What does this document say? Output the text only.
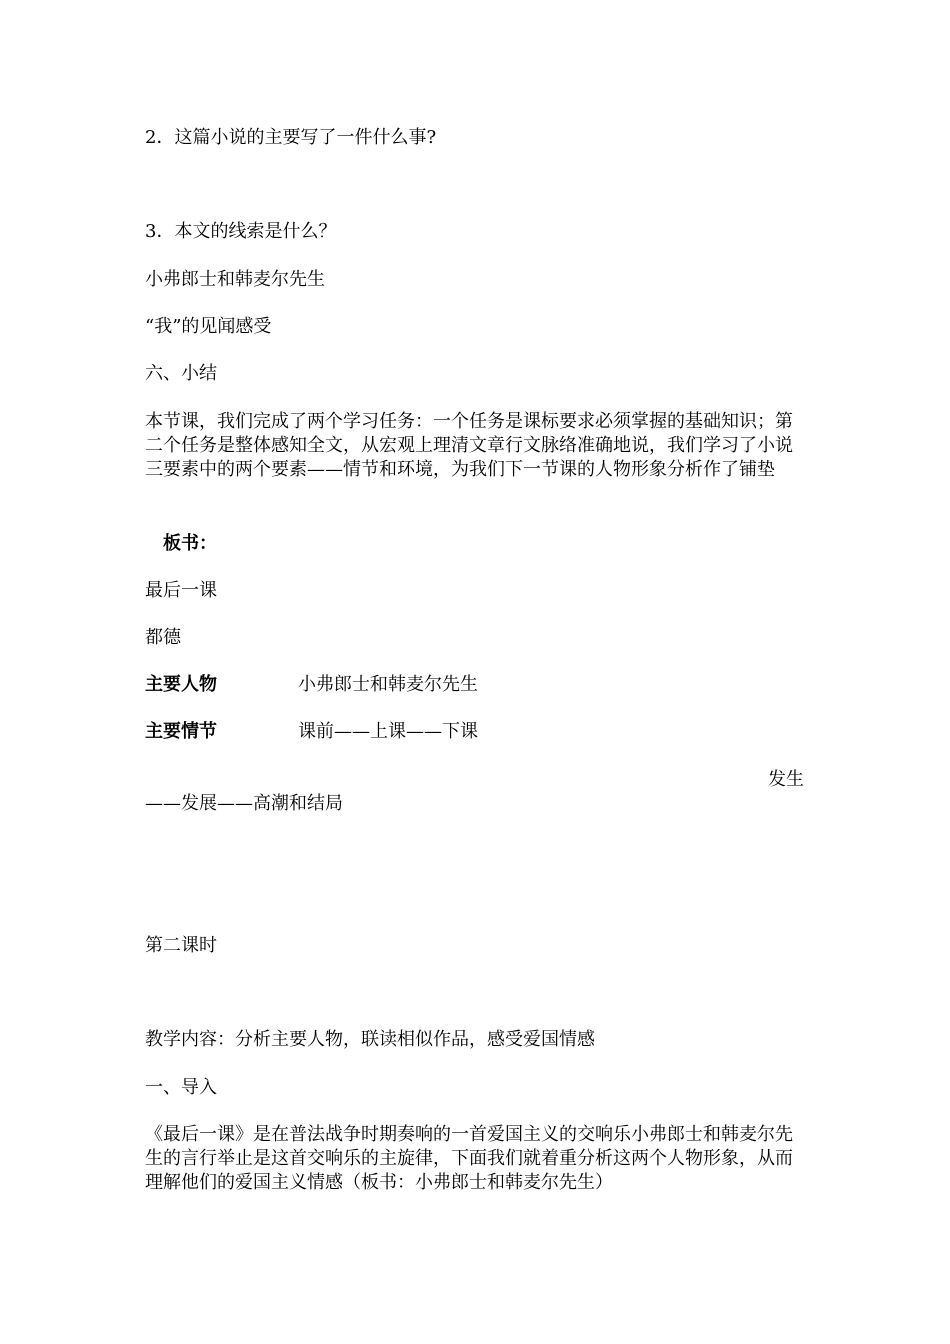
2．这篇小说的主要写了一件什么事?

3．本文的线索是什么？

小弗郎士和韩麦尔先生

“我”的见闻感受

六、小结

本节课，我们完成了两个学习任务：一个任务是课标要求必须掌握的基础知识；第二个任务是整体感知全文，从宏观上理清文章行文脉络准确地说，我们学习了小说三要素中的两个要素——情节和环境，为我们下一节课的人物形象分析作了铺垫

板书：

最后一课

都德

主要人物	小弗郎士和韩麦尔先生
主要情节	课前——上课——下课
发生

——发展——高潮和结局

第二课时

教学内容：分析主要人物，联读相似作品，感受爱国情感

一、导入

《最后一课》是在普法战争时期奏响的一首爱国主义的交响乐小弗郎士和韩麦尔先生的言行举止是这首交响乐的主旋律，下面我们就着重分析这两个人物形象，从而理解他们的爱国主义情感（板书：小弗郎士和韩麦尔先生）
